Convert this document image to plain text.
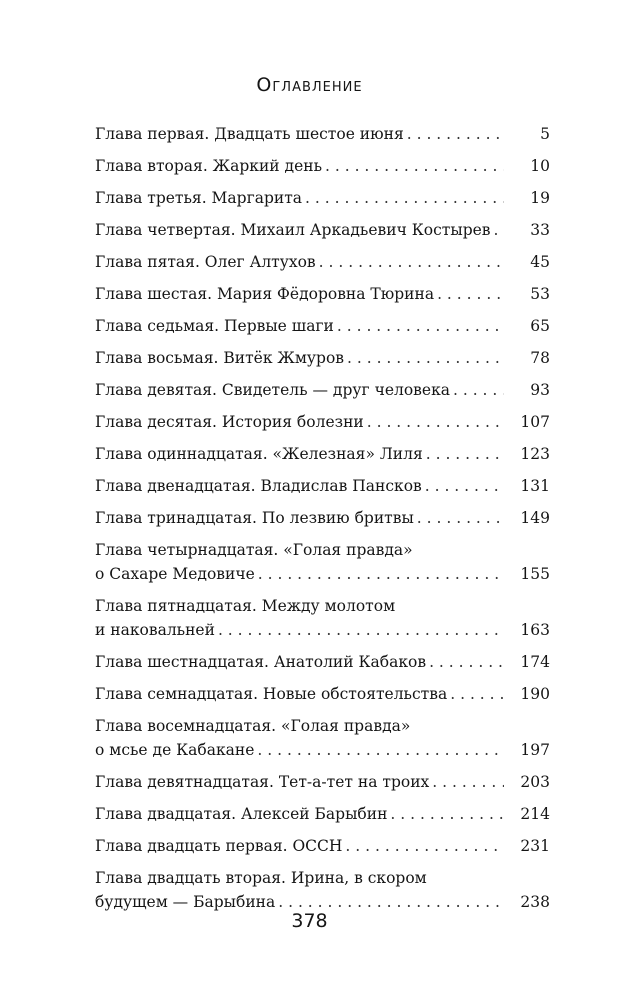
Оглавление
Глава первая. Двадцать шестое июня . . .	5
Глава вторая. Жаркий день . . .	10
Глава третья. Маргарита . . .	19
Глава четвертая. Михаил Аркадьевич Костырев . . .	33
Глава пятая. Олег Алтухов . . .	45
Глава шестая. Мария Фёдоровна Тюрина . . .	53
Глава седьмая. Первые шаги . . .	65
Глава восьмая. Витёк Жмуров . . .	78
Глава девятая. Свидетель — друг человека . . .	93
Глава десятая. История болезни . . .	107
Глава одиннадцатая. «Железная» Лиля . . .	123
Глава двенадцатая. Владислав Пансков . . .	131
Глава тринадцатая. По лезвию бритвы . . .	149
Глава четырнадцатая. «Голая правда»
о Сахаре Медовиче . . .	155
Глава пятнадцатая. Между молотом
и наковальней . . .	163
Глава шестнадцатая. Анатолий Кабаков . . .	174
Глава семнадцатая. Новые обстоятельства . . .	190
Глава восемнадцатая. «Голая правда»
о мсье де Кабакане . . .	197
Глава девятнадцатая. Тет-а-тет на троих . . .	203
Глава двадцатая. Алексей Барыбин . . .	214
Глава двадцать первая. ОССН . . .	231
Глава двадцать вторая. Ирина, в скором
будущем — Барыбина . . .	238
378
